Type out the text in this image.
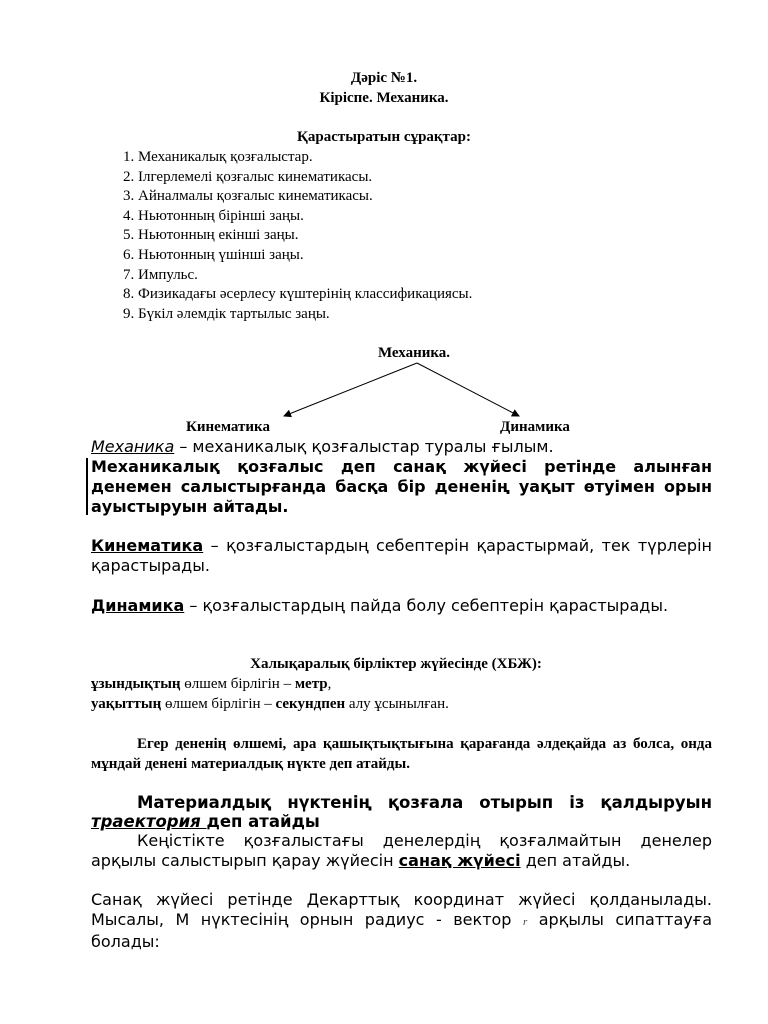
Дәріс №1.
Кіріспе. Механика.
Қарастыратын сұрақтар:
1. Механикалық қозғалыстар.
2. Ілгерлемелі қозғалыс кинематикасы.
3. Айналмалы қозғалыс кинематикасы.
4. Ньютонның бірінші заңы.
5. Ньютонның екінші заңы.
6. Ньютонның үшінші заңы.
7. Импульс.
8. Физикадағы әсерлесу күштерінің классификациясы.
9. Бүкіл әлемдік тартылыс заңы.
Механика.
Кинематика	Динамика
Механика – механикалық қозғалыстар туралы ғылым.
Механикалық қозғалыс деп санақ жүйесі ретінде алынған денемен салыстырғанда басқа бір дененің уақыт өтуімен орын ауыстыруын айтады.
Кинематика – қозғалыстардың себептерін қарастырмай, тек түрлерін қарастырады.
Динамика – қозғалыстардың пайда болу себептерін қарастырады.
Халықаралық бірліктер жүйесінде (ХБЖ):
ұзындықтың өлшем бірлігін – метр,
уақыттың өлшем бірлігін – секундпен алу ұсынылған.
Егер дененің өлшемі, ара қашықтықтығына қарағанда әлдеқайда аз болса, онда мұндай денені материалдық нүкте деп атайды.
Материалдық нүктенің қозғала отырып із қалдыруын траектория деп атайды
Кеңістікте қозғалыстағы денелердің қозғалмайтын денелер арқылы салыстырып қарау жүйесін санақ жүйесі деп атайды.
Санақ жүйесі ретінде Декарттық координат жүйесі қолданылады. Мысалы, М нүктесінің орнын радиус - вектор r арқылы сипаттауға болады:
